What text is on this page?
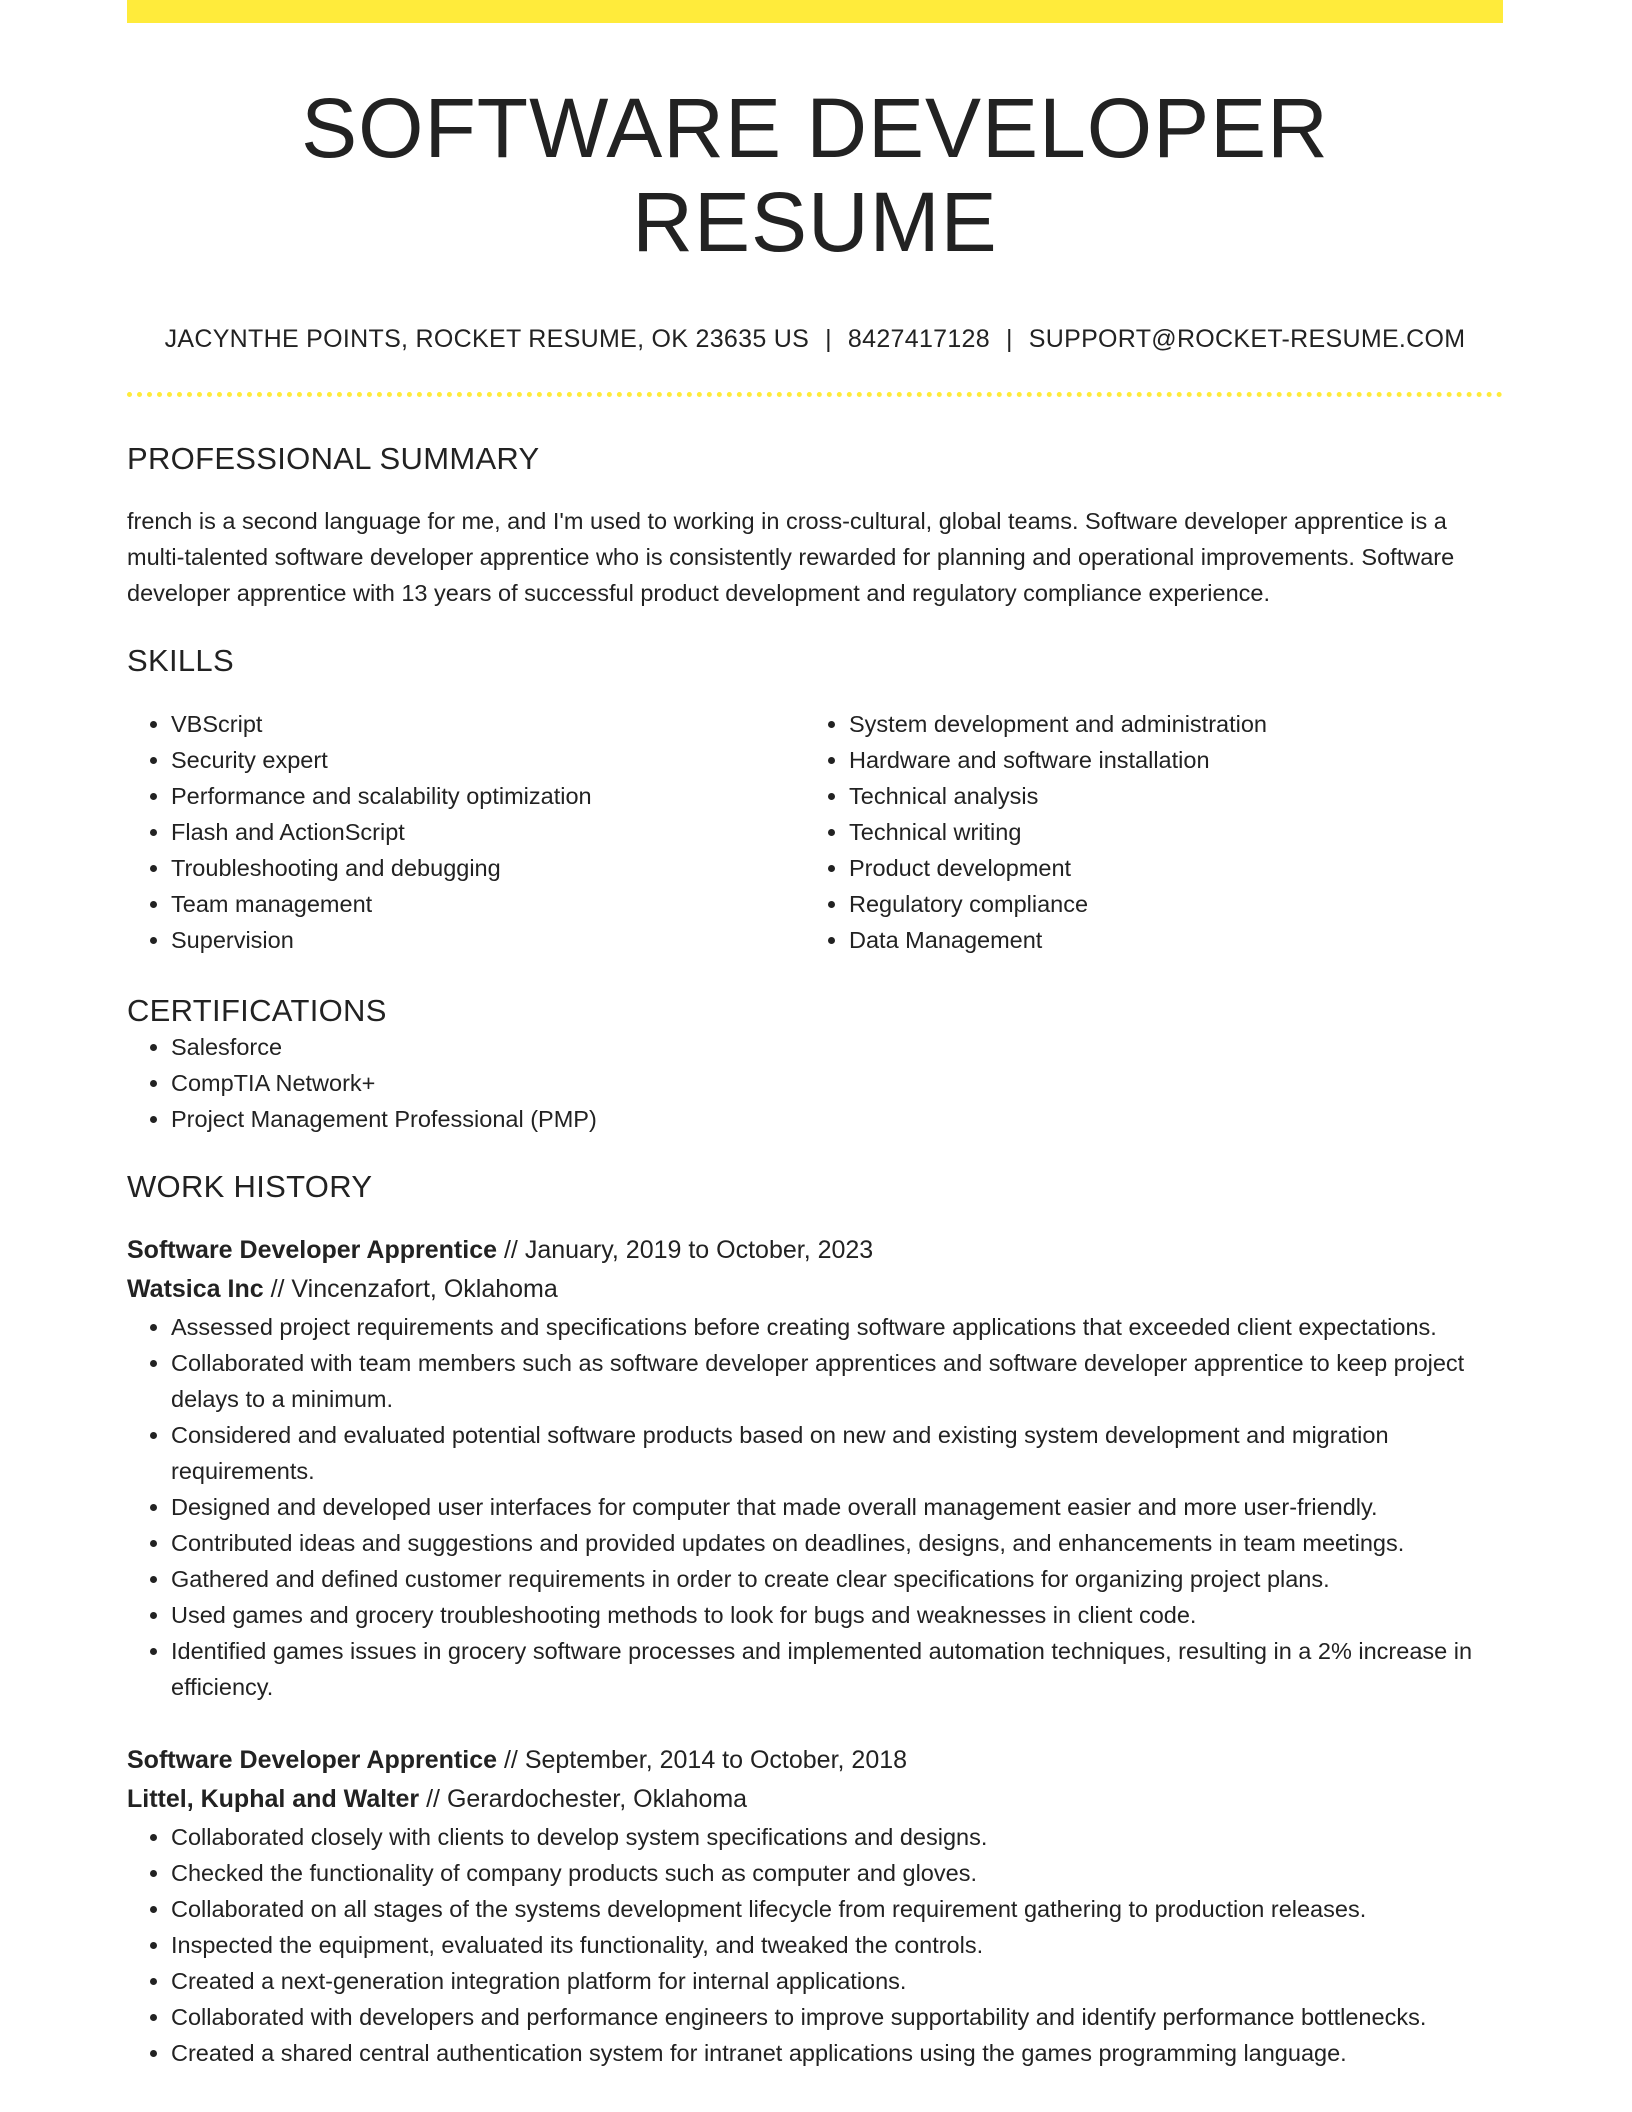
SOFTWARE DEVELOPER RESUME
JACYNTHE POINTS, ROCKET RESUME, OK 23635 US | 8427417128 | SUPPORT@ROCKET-RESUME.COM
PROFESSIONAL SUMMARY

french is a second language for me, and I'm used to working in cross-cultural, global teams. Software developer apprentice is a multi-talented software developer apprentice who is consistently rewarded for planning and operational improvements. Software developer apprentice with 13 years of successful product development and regulatory compliance experience.

SKILLS
• VBScript
• Security expert
• Performance and scalability optimization
• Flash and ActionScript
• Troubleshooting and debugging
• Team management
• Supervision
• System development and administration
• Hardware and software installation
• Technical analysis
• Technical writing
• Product development
• Regulatory compliance
• Data Management
CERTIFICATIONS
• Salesforce
• CompTIA Network+
• Project Management Professional (PMP)
WORK HISTORY
Software Developer Apprentice // January, 2019 to October, 2023
Watsica Inc // Vincenzafort, Oklahoma
• Assessed project requirements and specifications before creating software applications that exceeded client expectations.
• Collaborated with team members such as software developer apprentices and software developer apprentice to keep project delays to a minimum.
• Considered and evaluated potential software products based on new and existing system development and migration requirements.
• Designed and developed user interfaces for computer that made overall management easier and more user-friendly.
• Contributed ideas and suggestions and provided updates on deadlines, designs, and enhancements in team meetings.
• Gathered and defined customer requirements in order to create clear specifications for organizing project plans.
• Used games and grocery troubleshooting methods to look for bugs and weaknesses in client code.
• Identified games issues in grocery software processes and implemented automation techniques, resulting in a 2% increase in efficiency.
Software Developer Apprentice // September, 2014 to October, 2018
Littel, Kuphal and Walter // Gerardochester, Oklahoma
• Collaborated closely with clients to develop system specifications and designs.
• Checked the functionality of company products such as computer and gloves.
• Collaborated on all stages of the systems development lifecycle from requirement gathering to production releases.
• Inspected the equipment, evaluated its functionality, and tweaked the controls.
• Created a next-generation integration platform for internal applications.
• Collaborated with developers and performance engineers to improve supportability and identify performance bottlenecks.
• Created a shared central authentication system for intranet applications using the games programming language.
